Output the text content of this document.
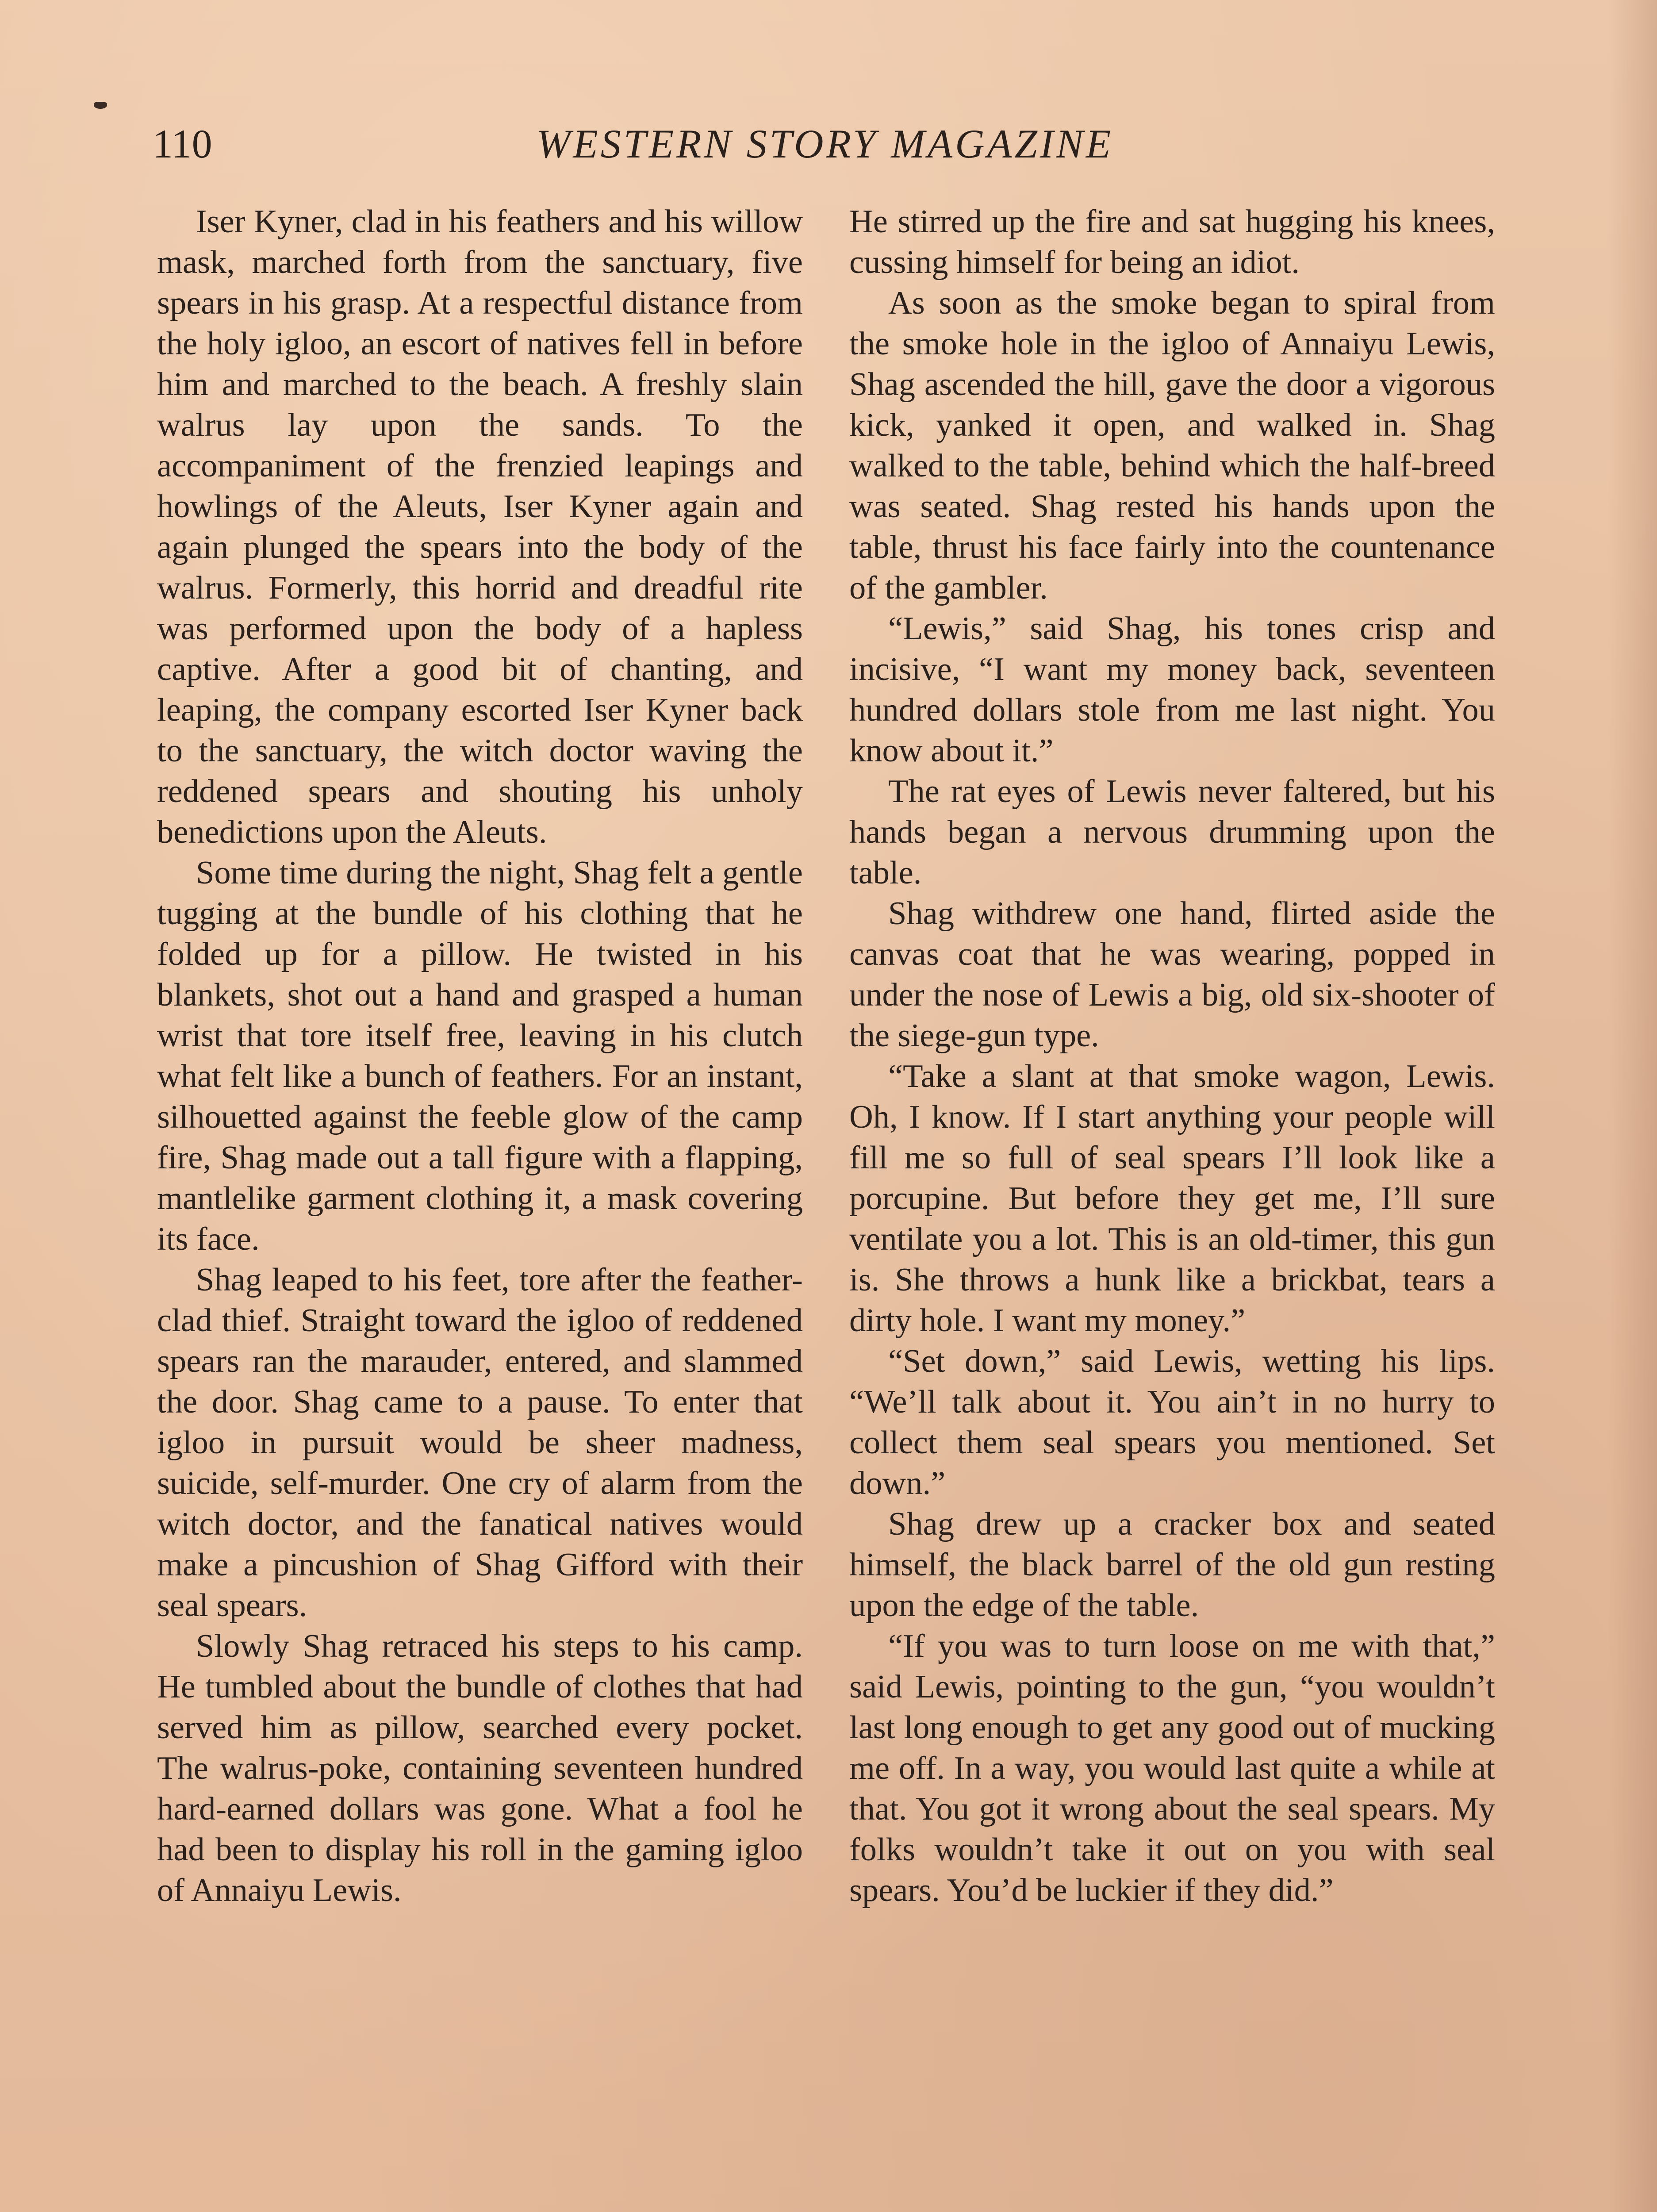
110	WESTERN STORY MAGAZINE

Iser Kyner, clad in his feathers and his willow mask, marched forth from the sanctuary, five spears in his grasp. At a respectful distance from the holy igloo, an escort of natives fell in before him and marched to the beach. A freshly slain walrus lay upon the sands. To the accompaniment of the frenzied leapings and howlings of the Aleuts, Iser Kyner again and again plunged the spears into the body of the walrus. Formerly, this horrid and dreadful rite was performed upon the body of a hapless captive. After a good bit of chanting, and leaping, the company escorted Iser Kyner back to the sanctuary, the witch doctor waving the reddened spears and shouting his unholy benedictions upon the Aleuts.

Some time during the night, Shag felt a gentle tugging at the bundle of his clothing that he folded up for a pillow. He twisted in his blankets, shot out a hand and grasped a human wrist that tore itself free, leaving in his clutch what felt like a bunch of feathers. For an instant, silhouetted against the feeble glow of the camp fire, Shag made out a tall figure with a flapping, mantlelike garment clothing it, a mask covering its face.

Shag leaped to his feet, tore after the feather-clad thief. Straight toward the igloo of reddened spears ran the marauder, entered, and slammed the door. Shag came to a pause. To enter that igloo in pursuit would be sheer madness, suicide, self-murder. One cry of alarm from the witch doctor, and the fanatical natives would make a pincushion of Shag Gifford with their seal spears.

Slowly Shag retraced his steps to his camp. He tumbled about the bundle of clothes that had served him as pillow, searched every pocket. The walrus-poke, containing seventeen hundred hard-earned dollars was gone. What a fool he had been to display his roll in the gaming igloo of Annaiyu Lewis.

He stirred up the fire and sat hugging his knees, cussing himself for being an idiot.

As soon as the smoke began to spiral from the smoke hole in the igloo of Annaiyu Lewis, Shag ascended the hill, gave the door a vigorous kick, yanked it open, and walked in. Shag walked to the table, behind which the half-breed was seated. Shag rested his hands upon the table, thrust his face fairly into the countenance of the gambler.

“Lewis,” said Shag, his tones crisp and incisive, “I want my money back, seventeen hundred dollars stole from me last night. You know about it.”

The rat eyes of Lewis never faltered, but his hands began a nervous drumming upon the table.

Shag withdrew one hand, flirted aside the canvas coat that he was wearing, popped in under the nose of Lewis a big, old six-shooter of the siege-gun type.

“Take a slant at that smoke wagon, Lewis. Oh, I know. If I start anything your people will fill me so full of seal spears I’ll look like a porcupine. But before they get me, I’ll sure ventilate you a lot. This is an old-timer, this gun is. She throws a hunk like a brickbat, tears a dirty hole. I want my money.”

“Set down,” said Lewis, wetting his lips. “We’ll talk about it. You ain’t in no hurry to collect them seal spears you mentioned. Set down.”

Shag drew up a cracker box and seated himself, the black barrel of the old gun resting upon the edge of the table.

“If you was to turn loose on me with that,” said Lewis, pointing to the gun, “you wouldn’t last long enough to get any good out of mucking me off. In a way, you would last quite a while at that. You got it wrong about the seal spears. My folks wouldn’t take it out on you with seal spears. You’d be luckier if they did.”
